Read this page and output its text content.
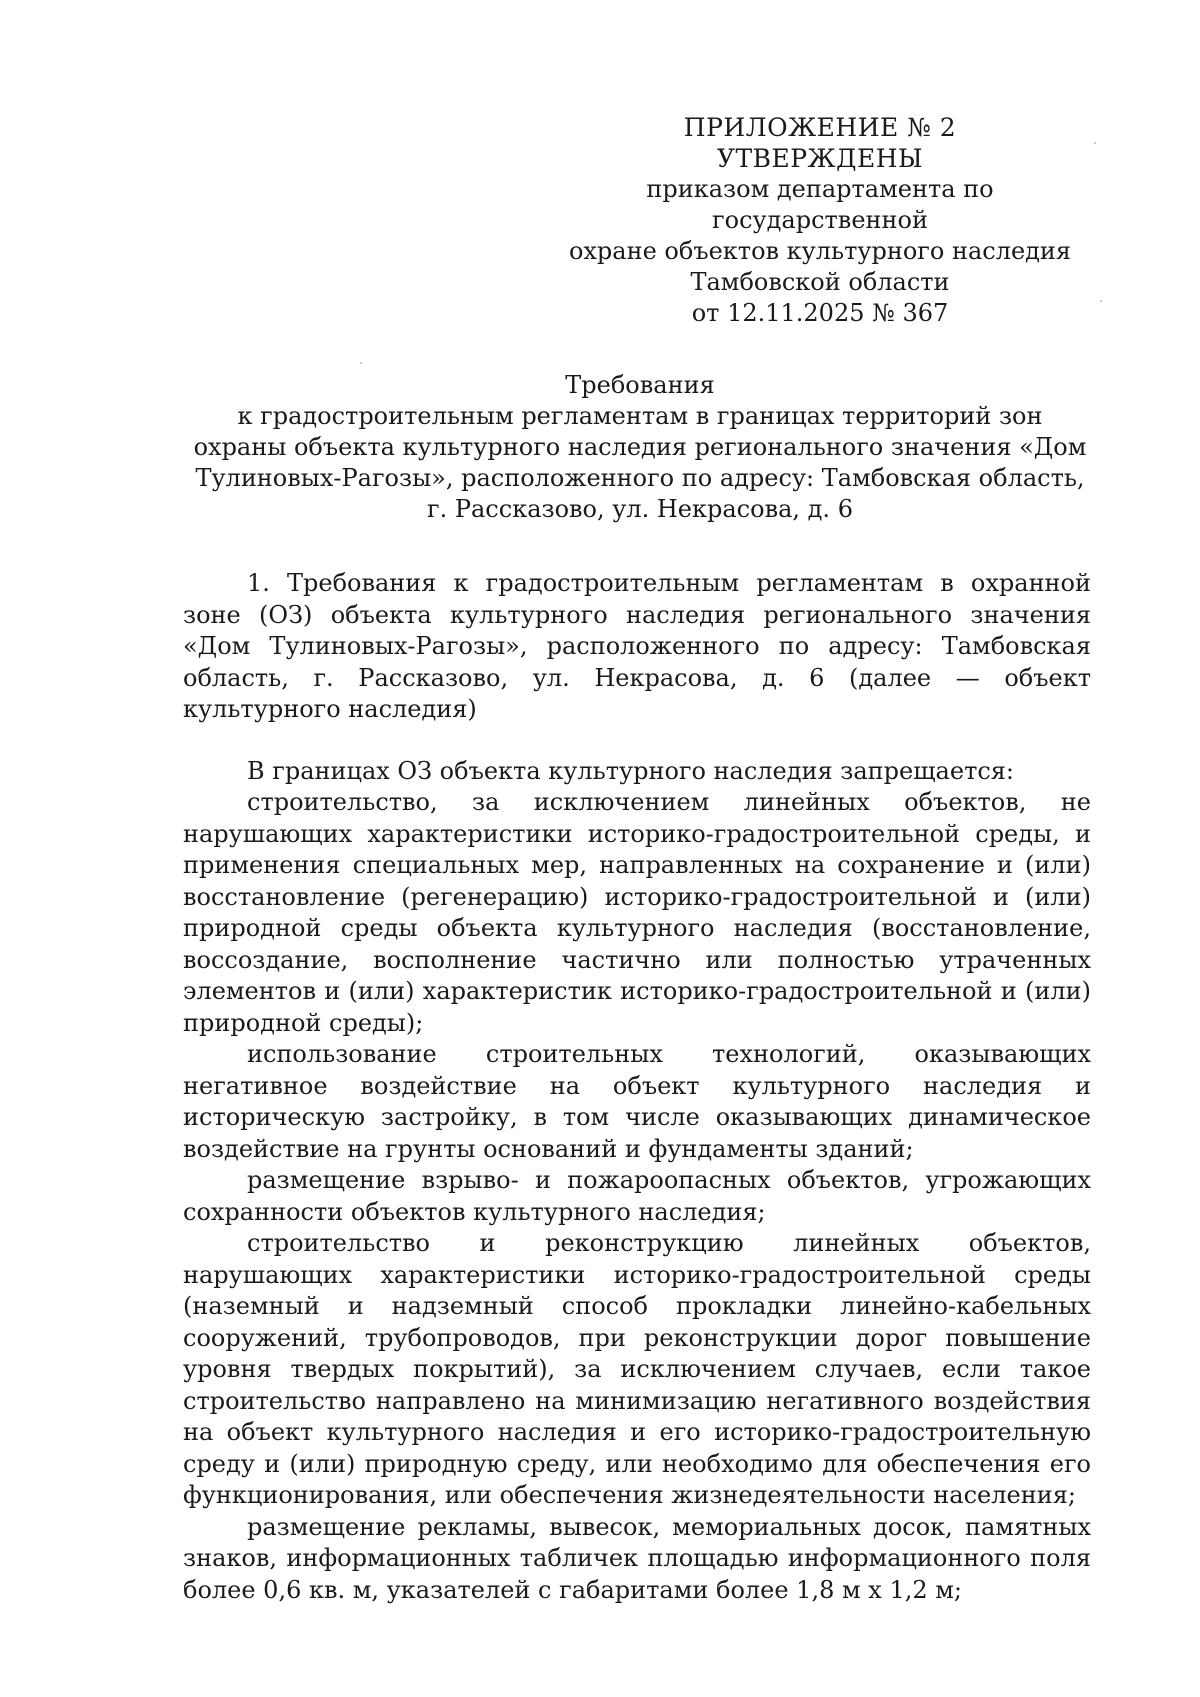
ПРИЛОЖЕНИЕ № 2
УТВЕРЖДЕНЫ
приказом департамента по государственной
охране объектов культурного наследия
Тамбовской области
от 12.11.2025 № 367
Требования
к градостроительным регламентам в границах территорий зон охраны объекта культурного наследия регионального значения «Дом Тулиновых-Рагозы», расположенного по адресу: Тамбовская область, г. Рассказово, ул. Некрасова, д. 6

1. Требования к градостроительным регламентам в охранной зоне (ОЗ) объекта культурного наследия регионального значения «Дом Тулиновых-Рагозы», расположенного по адресу: Тамбовская область, г. Рассказово, ул. Некрасова, д. 6 (далее — объект культурного наследия)

В границах ОЗ объекта культурного наследия запрещается:

строительство, за исключением линейных объектов, не нарушающих характеристики историко-градостроительной среды, и применения специальных мер, направленных на сохранение и (или) восстановление (регенерацию) историко-градостроительной и (или) природной среды объекта культурного наследия (восстановление, воссоздание, восполнение частично или полностью утраченных элементов и (или) характеристик историко-градостроительной и (или) природной среды);

использование строительных технологий, оказывающих негативное воздействие на объект культурного наследия и историческую застройку, в том числе оказывающих динамическое воздействие на грунты оснований и фундаменты зданий;

размещение взрыво- и пожароопасных объектов, угрожающих сохранности объектов культурного наследия;

строительство и реконструкцию линейных объектов, нарушающих характеристики историко-градостроительной среды (наземный и надземный способ прокладки линейно-кабельных сооружений, трубопроводов, при реконструкции дорог повышение уровня твердых покрытий), за исключением случаев, если такое строительство направлено на минимизацию негативного воздействия на объект культурного наследия и его историко-градостроительную среду и (или) природную среду, или необходимо для обеспечения его функционирования, или обеспечения жизнедеятельности населения;

размещение рекламы, вывесок, мемориальных досок, памятных знаков, информационных табличек площадью информационного поля более 0,6 кв. м, указателей с габаритами более 1,8 м х 1,2 м;
